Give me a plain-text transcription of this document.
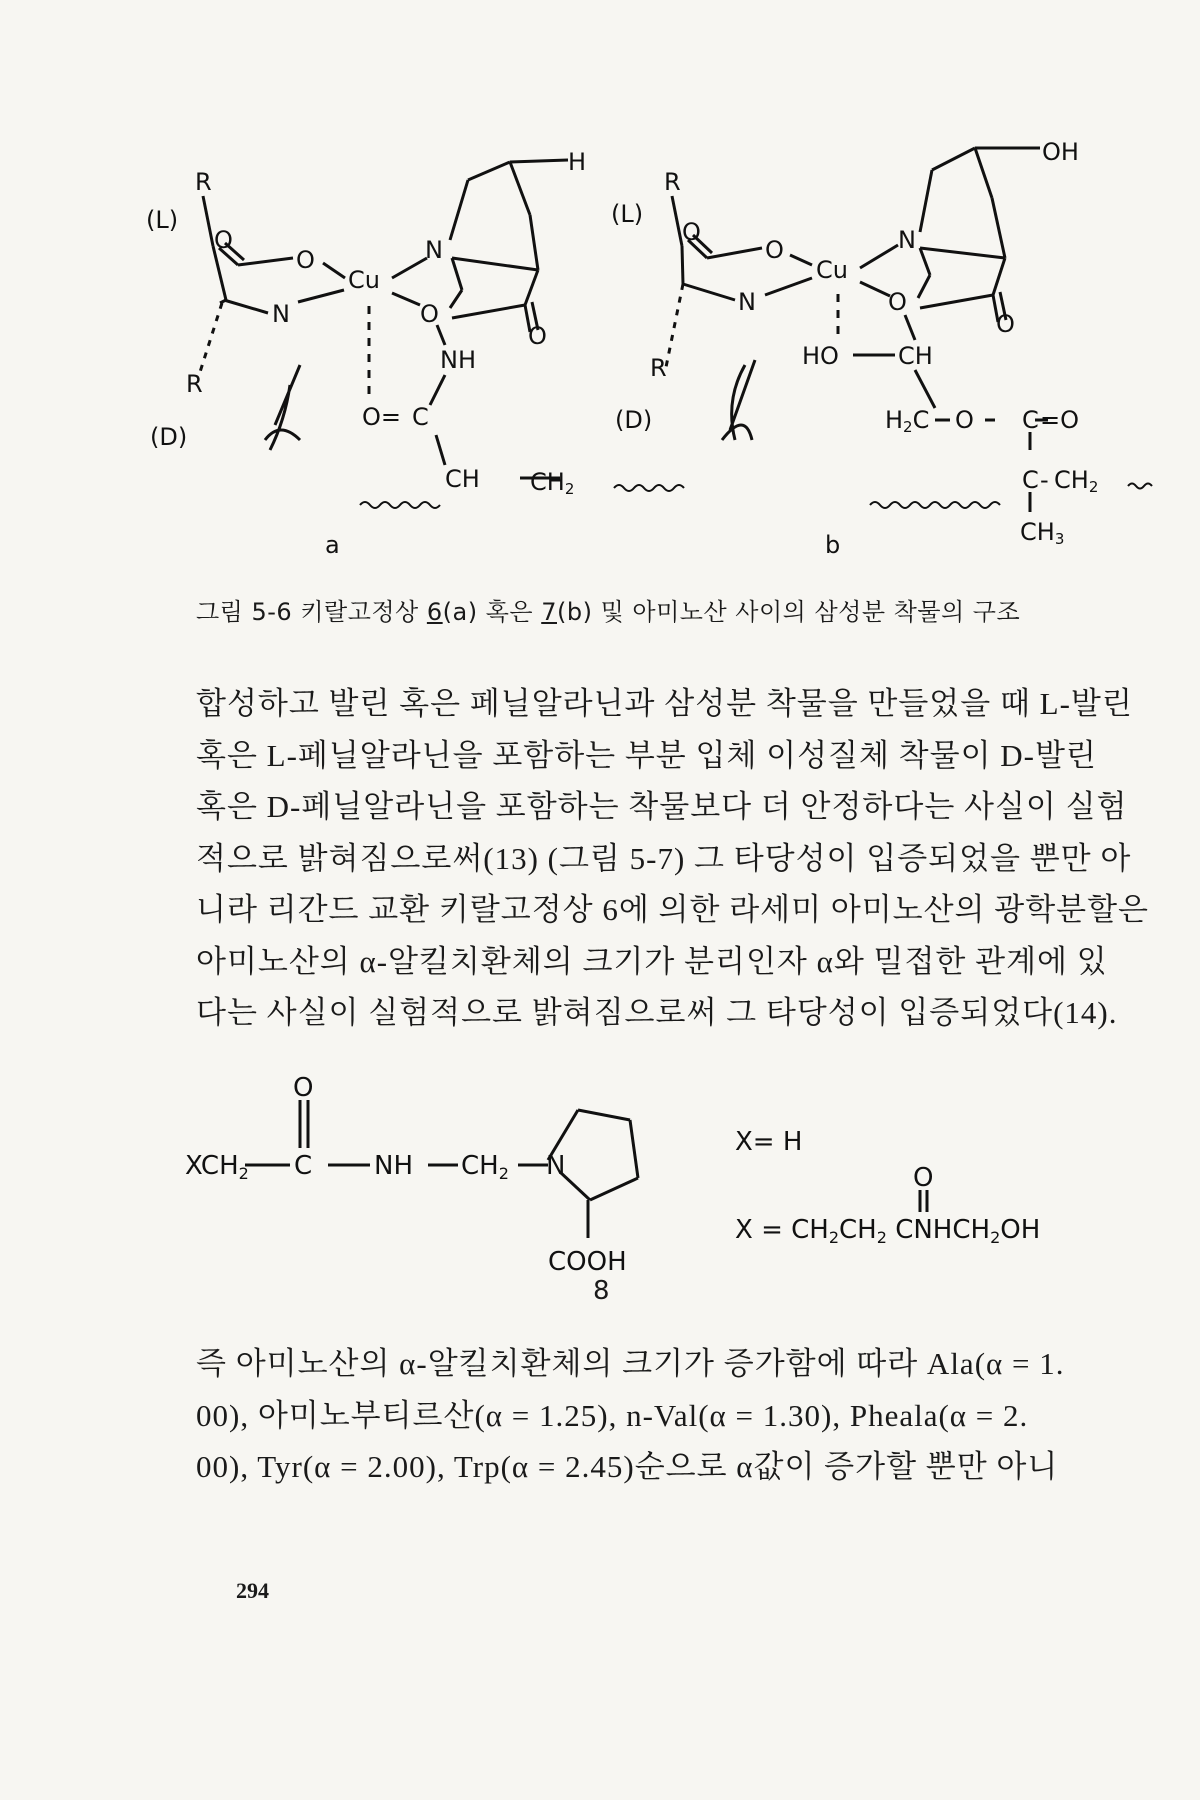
R
(L)
O
O
Cu
N
N
O
O
H
R
(D)
NH
O= C
CH CH2
a
R
(L)
O
O
Cu
N
N
O
O
OH
R
(D)
HO CH
H2C O C =O
C - CH2
CH3
b
그림 5-6 키랄고정상 6(a) 혹은 7(b) 및 아미노산 사이의 삼성분 착물의 구조
합성하고 발린 혹은 페닐알라닌과 삼성분 착물을 만들었을 때 L-발린
혹은 L-페닐알라닌을 포함하는 부분 입체 이성질체 착물이 D-발린
혹은 D-페닐알라닌을 포함하는 착물보다 더 안정하다는 사실이 실험
적으로 밝혀짐으로써(13) (그림 5-7) 그 타당성이 입증되었을 뿐만 아
니라 리간드 교환 키랄고정상 6에 의한 라세미 아미노산의 광학분할은
아미노산의 α-알킬치환체의 크기가 분리인자 α와 밀접한 관계에 있
다는 사실이 실험적으로 밝혀짐으로써 그 타당성이 입증되었다(14).
O
XCH2 C NH CH2 N
COOH
X= H
O
X = CH2CH2 CNHCH2OH
8
즉 아미노산의 α-알킬치환체의 크기가 증가함에 따라 Ala(α = 1.
00), 아미노부티르산(α = 1.25), n-Val(α = 1.30), Pheala(α = 2.
00), Tyr(α = 2.00), Trp(α = 2.45)순으로 α값이 증가할 뿐만 아니
294
